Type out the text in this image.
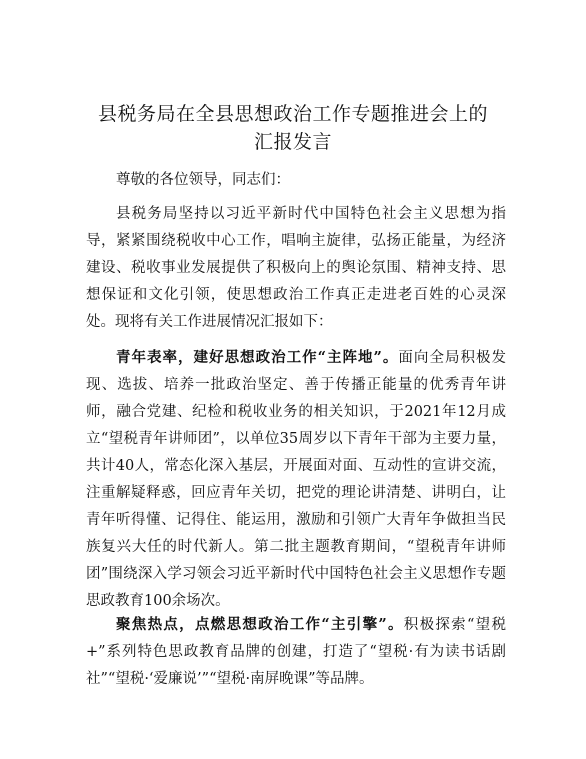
县税务局在全县思想政治工作专题推进会上的
汇报发言

尊敬的各位领导，同志们：

县税务局坚持以习近平新时代中国特色社会主义思想为指导，紧紧围绕税收中心工作，唱响主旋律，弘扬正能量，为经济建设、税收事业发展提供了积极向上的舆论氛围、精神支持、思想保证和文化引领，使思想政治工作真正走进老百姓的心灵深处。现将有关工作进展情况汇报如下：

青年表率，建好思想政治工作“主阵地”。面向全局积极发现、选拔、培养一批政治坚定、善于传播正能量的优秀青年讲师，融合党建、纪检和税收业务的相关知识，于2021年12月成立“望税青年讲师团”，以单位35周岁以下青年干部为主要力量，共计40人，常态化深入基层，开展面对面、互动性的宣讲交流，注重解疑释惑，回应青年关切，把党的理论讲清楚、讲明白，让青年听得懂、记得住、能运用，激励和引领广大青年争做担当民族复兴大任的时代新人。第二批主题教育期间，“望税青年讲师团”围绕深入学习领会习近平新时代中国特色社会主义思想作专题思政教育100余场次。

聚焦热点，点燃思想政治工作“主引擎”。积极探索“望税+”系列特色思政教育品牌的创建，打造了“望税·有为读书话剧社”“望税·‘爱廉说’”“望税·南屏晚课”等品牌。
